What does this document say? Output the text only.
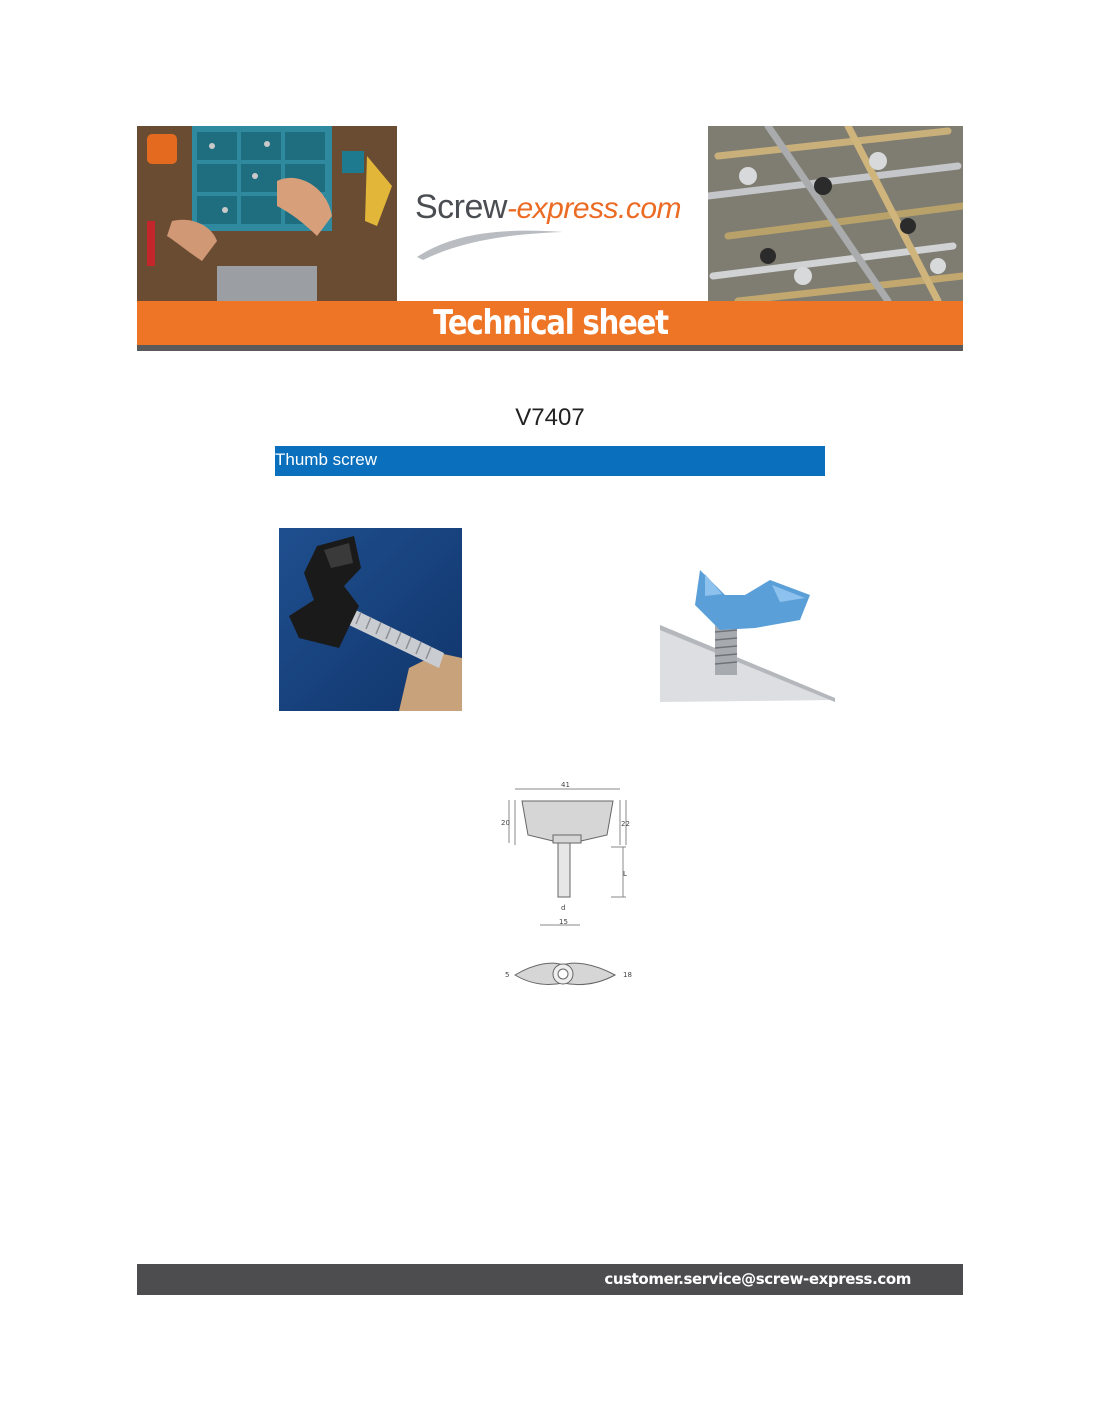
Screw-express.com
Technical sheet
V7407
Thumb screw
41
20	22
L
d
15
5	18
customer.service@screw-express.com
